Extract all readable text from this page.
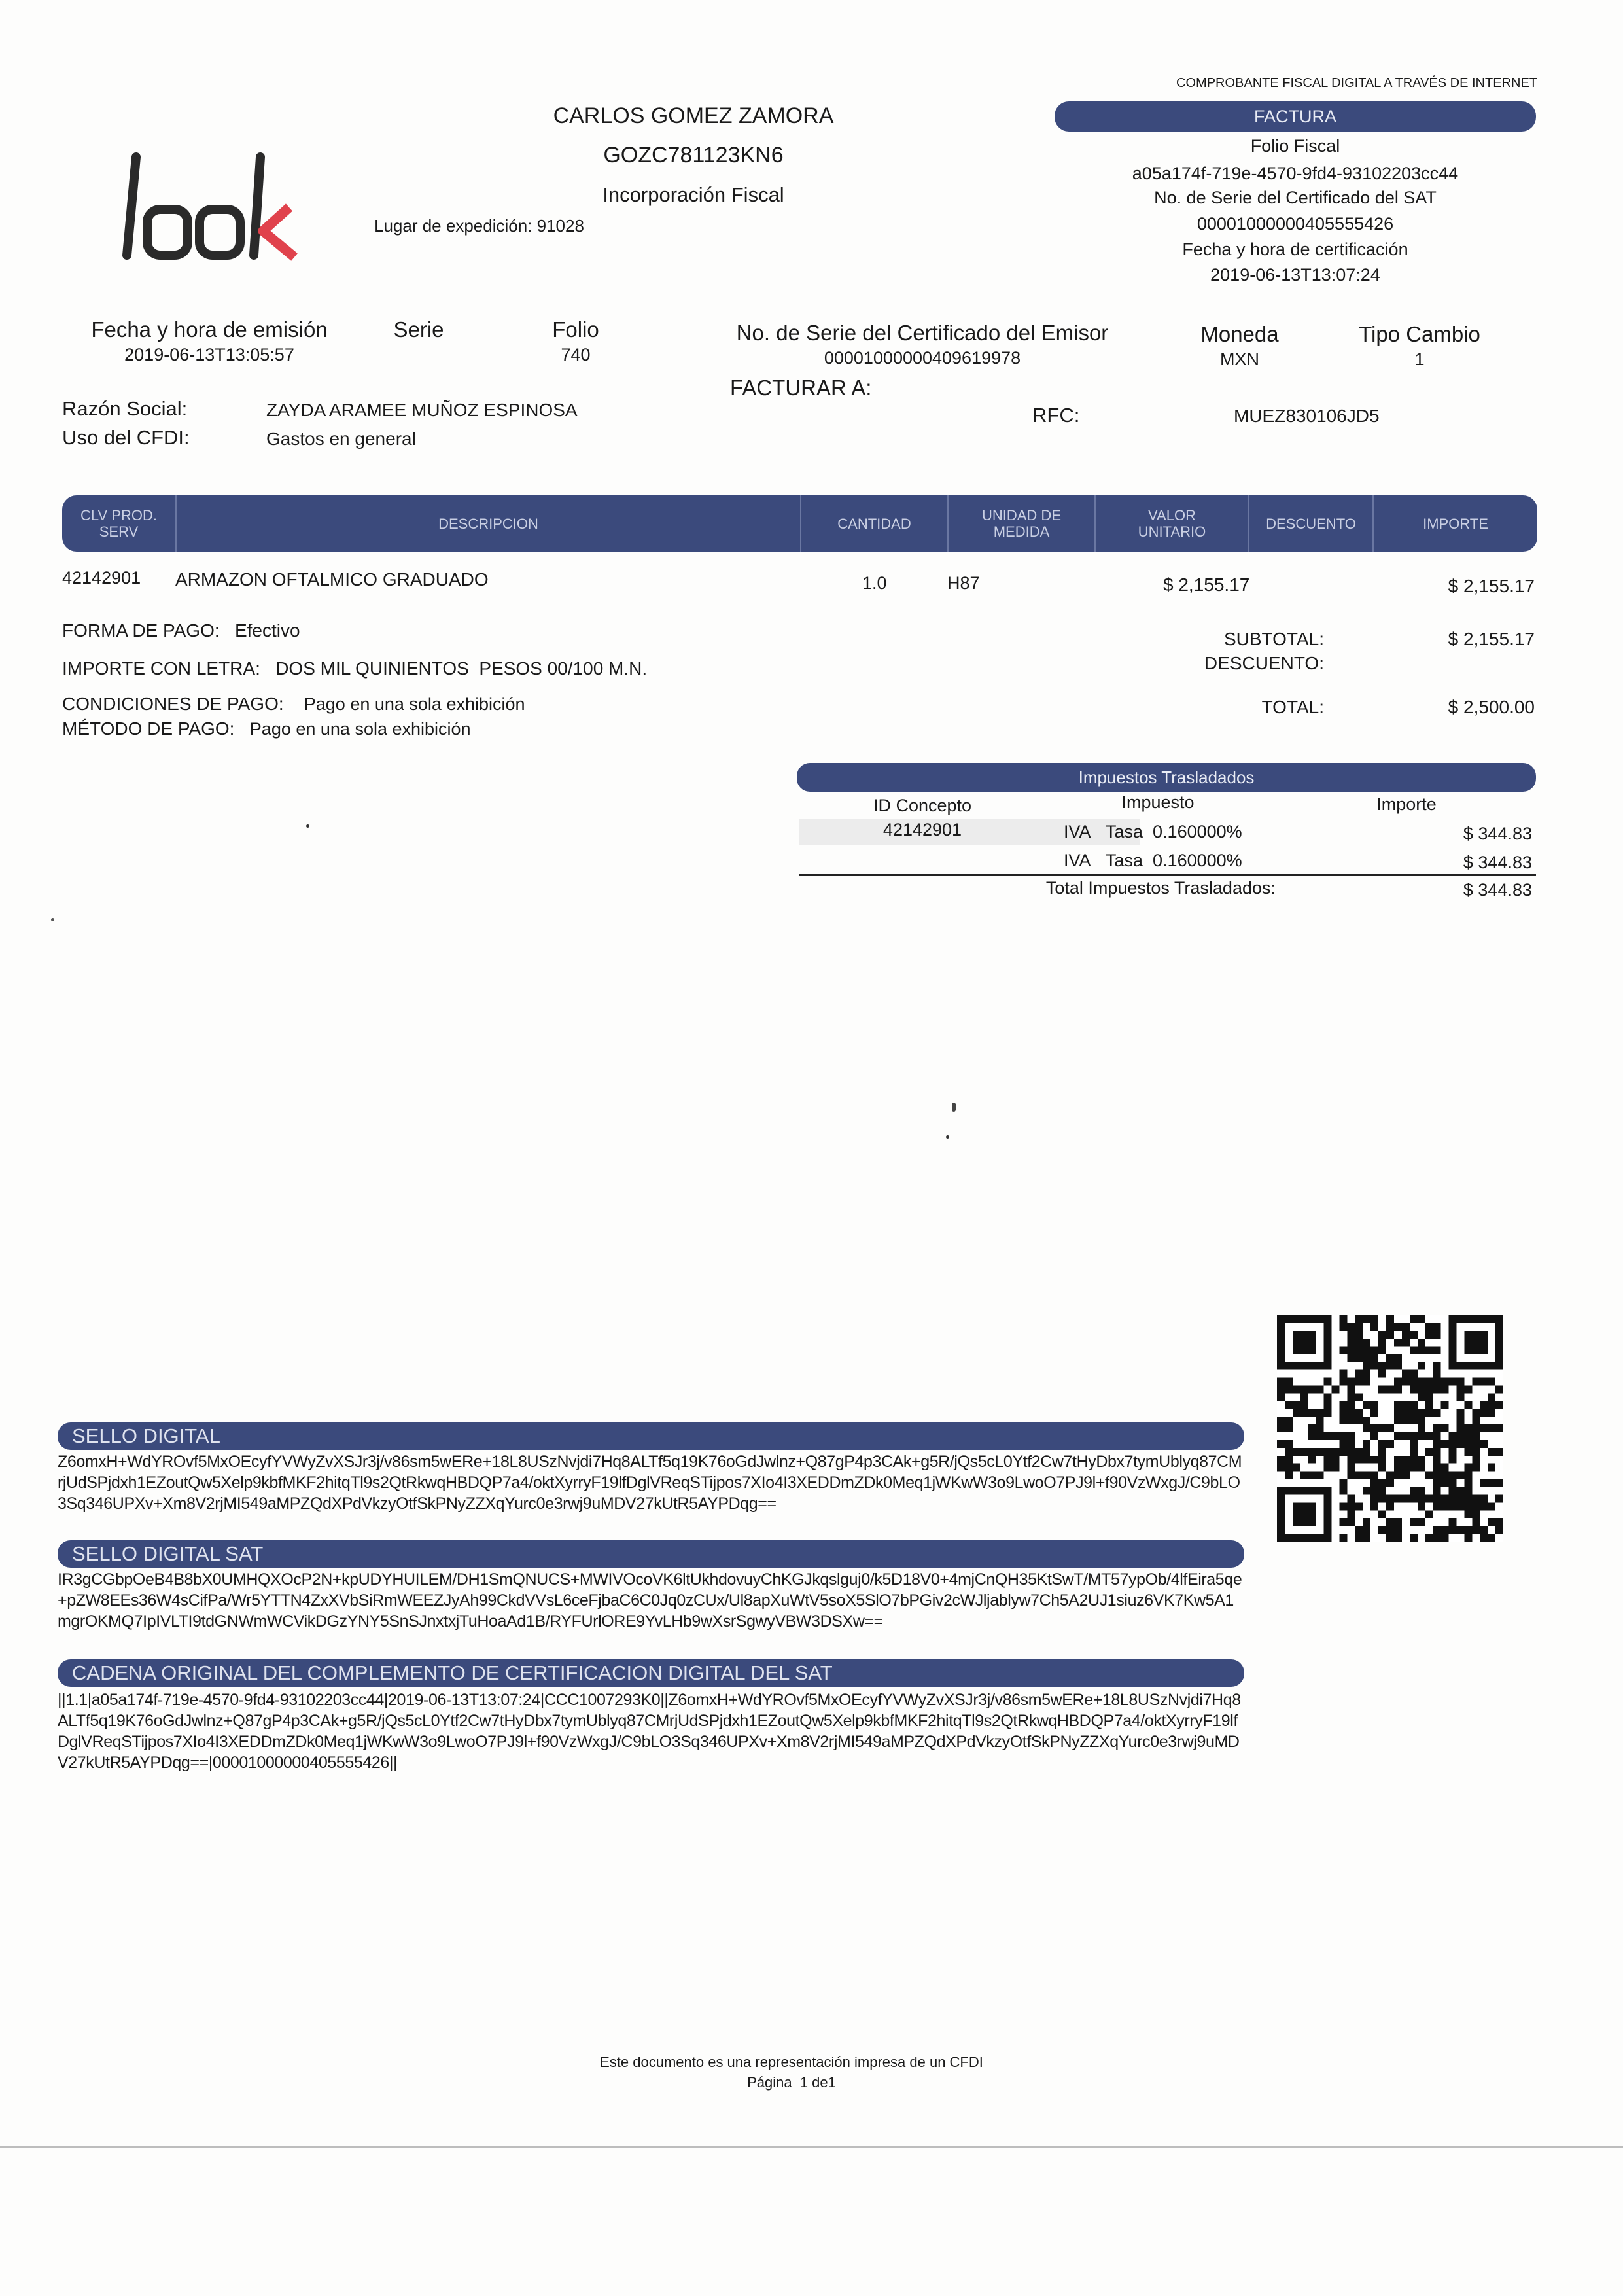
CARLOS GOMEZ ZAMORA
GOZC781123KN6
Incorporación Fiscal
Lugar de expedición: 91028
COMPROBANTE FISCAL DIGITAL A TRAVÉS DE INTERNET
FACTURA
Folio Fiscal
a05a174f-719e-4570-9fd4-93102203cc44
No. de Serie del Certificado del SAT
00001000000405555426
Fecha y hora de certificación
2019-06-13T13:07:24
Fecha y hora de emisión
2019-06-13T13:05:57
Serie	Folio
740
No. de Serie del Certificado del Emisor
00001000000409619978
Moneda
MXN
Tipo Cambio
1
FACTURAR A:
Razón Social:	ZAYDA ARAMEE MUÑOZ ESPINOSA
Uso del CFDI:	Gastos en general
RFC:	MUEZ830106JD5
CLV PROD.
SERV	DESCRIPCION	CANTIDAD	UNIDAD DE
MEDIDA
VALOR
UNITARIO	DESCUENTO	IMPORTE
42142901 ARMAZON OFTALMICO GRADUADO	1.0	H87	$ 2,155.17	$ 2,155.17
FORMA DE PAGO: Efectivo
IMPORTE CON LETRA: DOS MIL QUINIENTOS  PESOS 00/100 M.N.
CONDICIONES DE PAGO: Pago en una sola exhibición
MÉTODO DE PAGO: Pago en una sola exhibición
SUBTOTAL:	$ 2,155.17
DESCUENTO:
TOTAL:	$ 2,500.00
Impuestos Trasladados
ID Concepto	Impuesto	Importe
42142901	IVA Tasa  0.160000%	$ 344.83
IVA Tasa  0.160000%	$ 344.83
Total Impuestos Trasladados:	$ 344.83
SELLO DIGITAL
Z6omxH+WdYROvf5MxOEcyfYVWyZvXSJr3j/v86sm5wERe+18L8USzNvjdi7Hq8ALTf5q19K76oGdJwlnz+Q87gP4p3CAk+g5R/jQs5cL0Ytf2Cw7tHyDbx7tymUblyq87CMrjUdSPjdxh1EZoutQw5Xelp9kbfMKF2hitqTl9s2QtRkwqHBDQP7a4/oktXyrryF19lfDglVReqSTijpos7XIo4I3XEDDmZDk0Meq1jWKwW3o9LwoO7PJ9l+f90VzWxgJ/C9bLO3Sq346UPXv+Xm8V2rjMI549aMPZQdXPdVkzyOtfSkPNyZZXqYurc0e3rwj9uMDV27kUtR5AYPDqg==
SELLO DIGITAL SAT
IR3gCGbpOeB4B8bX0UMHQXOcP2N+kpUDYHUILEM/DH1SmQNUCS+MWIVOcoVK6ltUkhdovuyChKGJkqslguj0/k5D18V0+4mjCnQH35KtSwT/MT57ypOb/4lfEira5qe+pZW8EEs36W4sCifPa/Wr5YTTN4ZxXVbSiRmWEEZJyAh99CkdVVsL6ceFjbaC6C0Jq0zCUx/Ul8apXuWtV5soX5SlO7bPGiv2cWJljablyw7Ch5A2UJ1siuz6VK7Kw5A1mgrOKMQ7IpIVLTI9tdGNWmWCVikDGzYNY5SnSJnxtxjTuHoaAd1B/RYFUrlORE9YvLHb9wXsrSgwyVBW3DSXw==
CADENA ORIGINAL DEL COMPLEMENTO DE CERTIFICACION DIGITAL DEL SAT
||1.1|a05a174f-719e-4570-9fd4-93102203cc44|2019-06-13T13:07:24|CCC1007293K0||Z6omxH+WdYROvf5MxOEcyfYVWyZvXSJr3j/v86sm5wERe+18L8USzNvjdi7Hq8ALTf5q19K76oGdJwlnz+Q87gP4p3CAk+g5R/jQs5cL0Ytf2Cw7tHyDbx7tymUblyq87CMrjUdSPjdxh1EZoutQw5Xelp9kbfMKF2hitqTl9s2QtRkwqHBDQP7a4/oktXyrryF19lfDglVReqSTijpos7XIo4I3XEDDmZDk0Meq1jWKwW3o9LwoO7PJ9l+f90VzWxgJ/C9bLO3Sq346UPXv+Xm8V2rjMI549aMPZQdXPdVkzyOtfSkPNyZZXqYurc0e3rwj9uMDV27kUtR5AYPDqg==|00001000000405555426||
Este documento es una representación impresa de un CFDI
Página  1 de1
